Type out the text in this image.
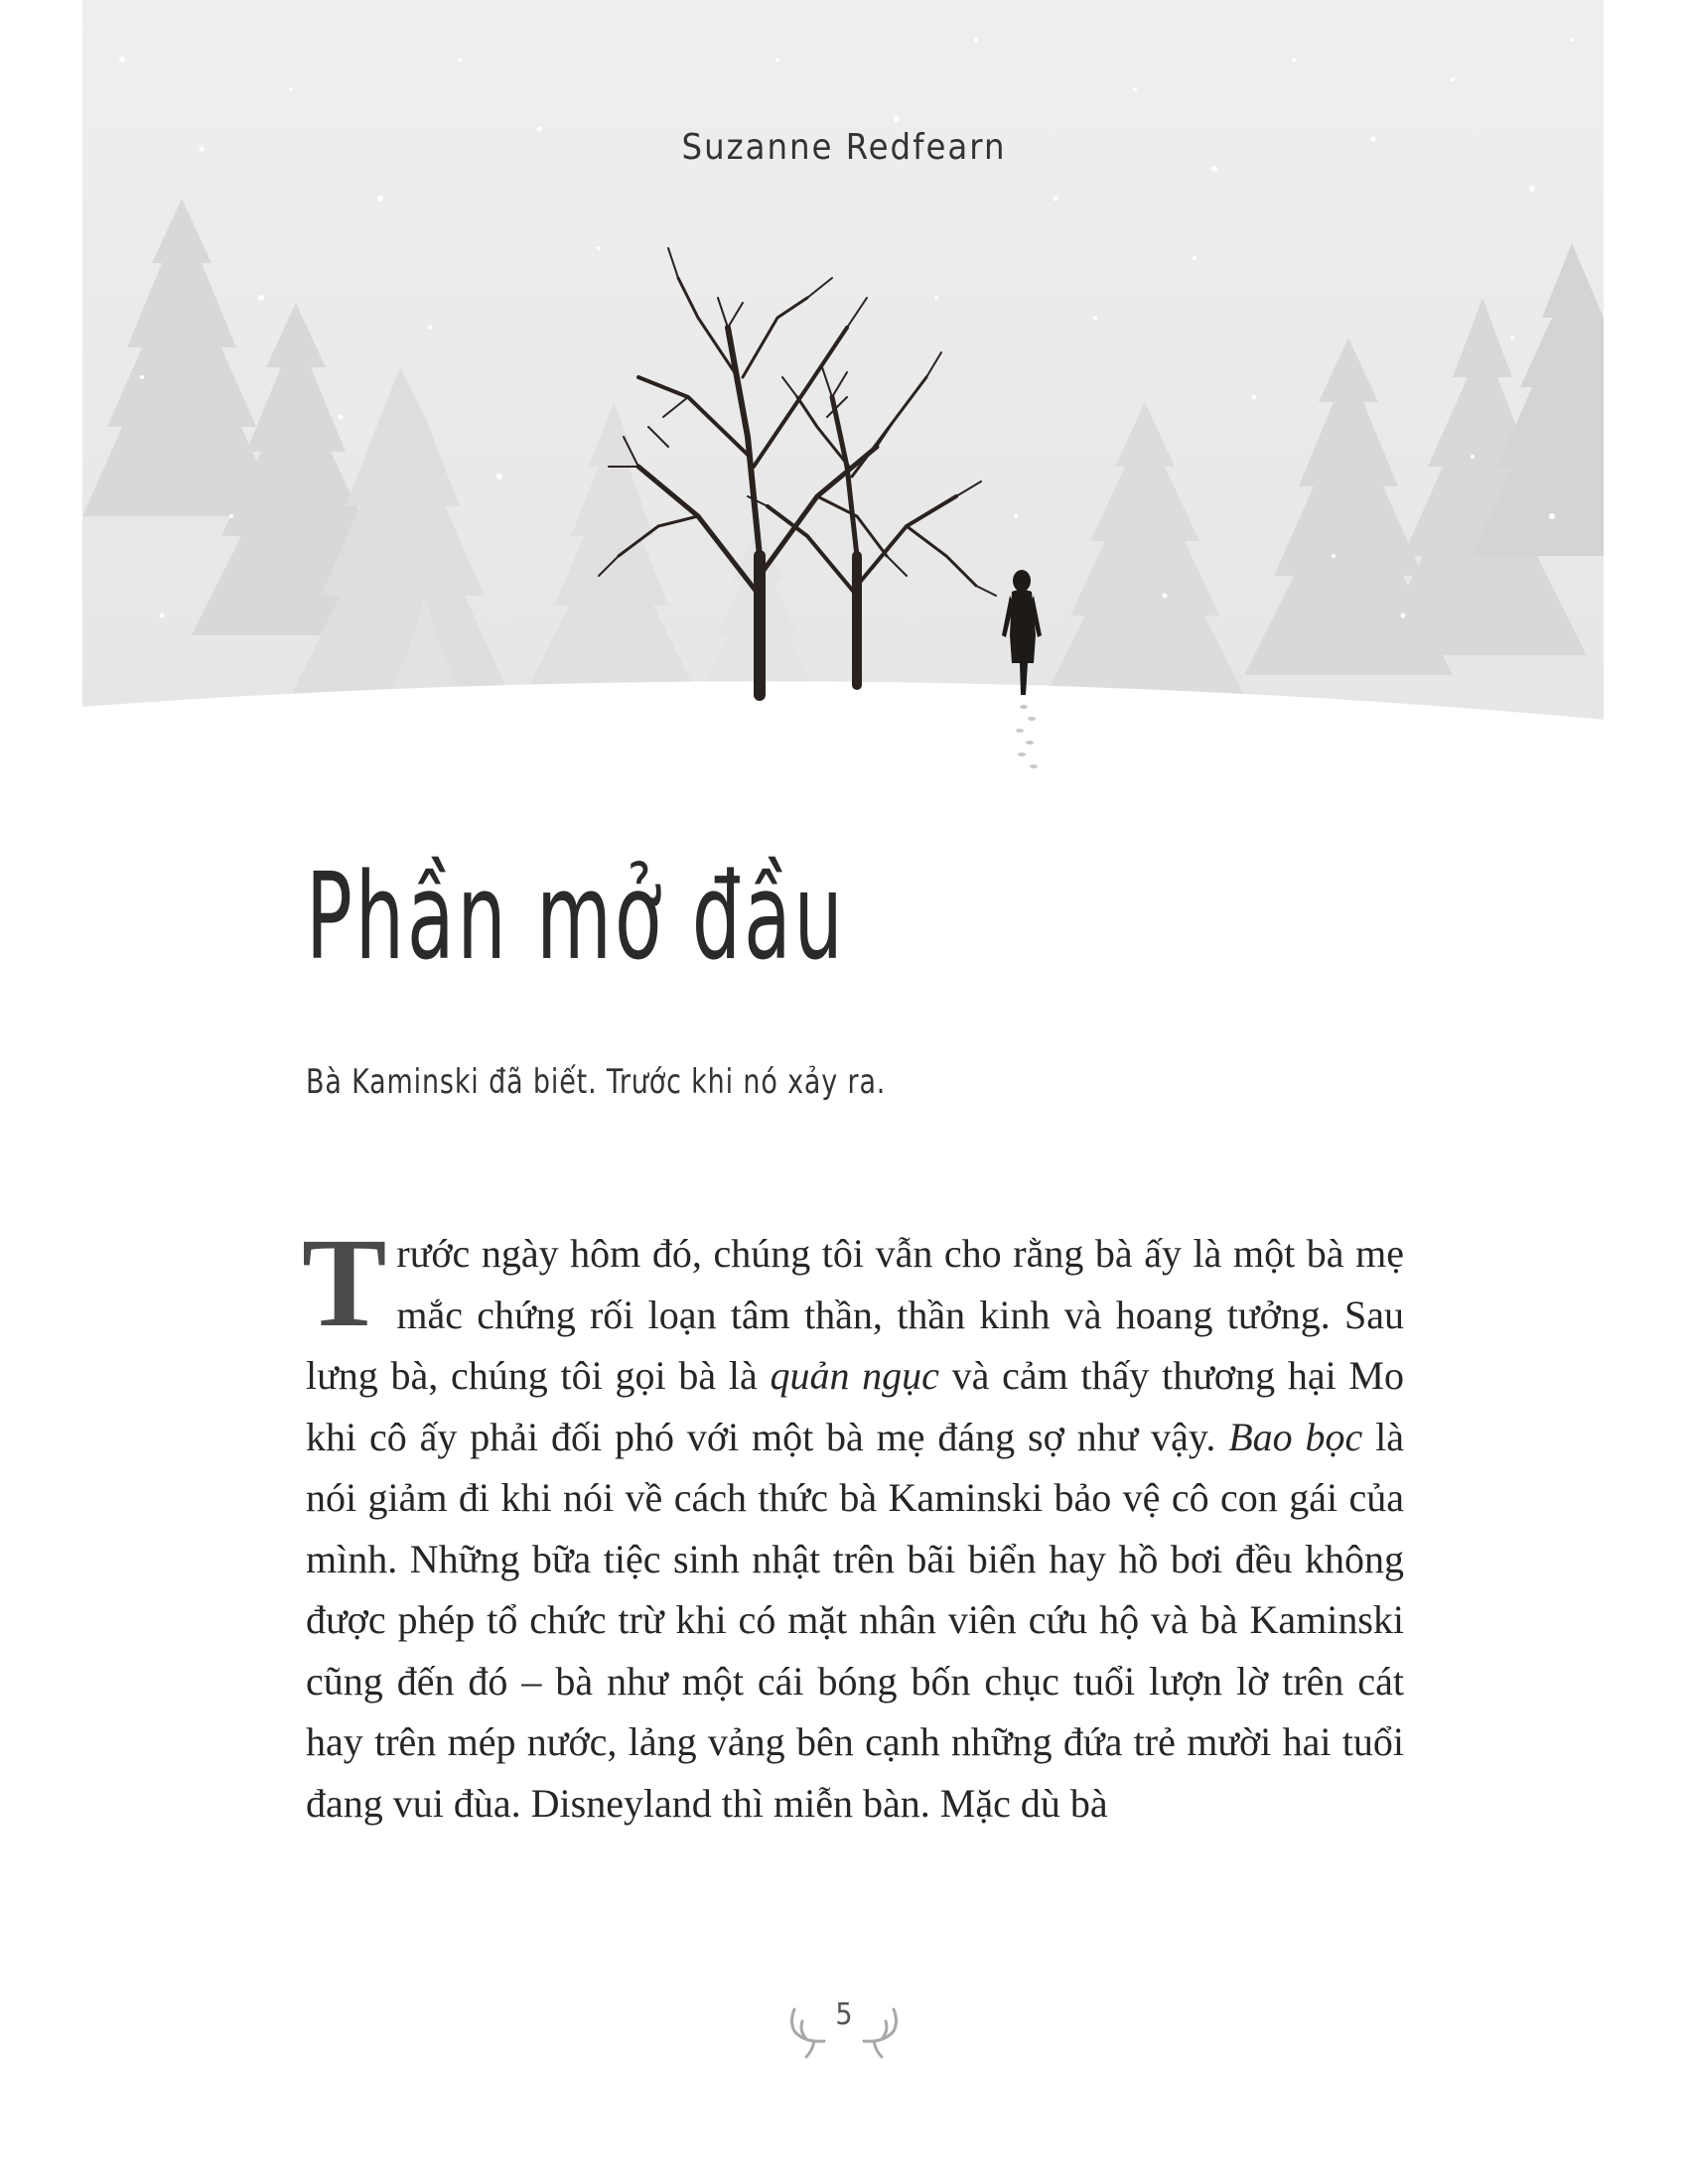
Suzanne Redfearn
Phần mở đầu
Bà Kaminski đã biết. Trước khi nó xảy ra.

Trước ngày hôm đó, chúng tôi vẫn cho rằng bà ấy là một bà mẹ mắc chứng rối loạn tâm thần, thần kinh và hoang tưởng. Sau lưng bà, chúng tôi gọi bà là quản ngục và cảm thấy thương hại Mo khi cô ấy phải đối phó với một bà mẹ đáng sợ như vậy. Bao bọc là nói giảm đi khi nói về cách thức bà Kaminski bảo vệ cô con gái của mình. Những bữa tiệc sinh nhật trên bãi biển hay hồ bơi đều không được phép tổ chức trừ khi có mặt nhân viên cứu hộ và bà Kaminski cũng đến đó – bà như một cái bóng bốn chục tuổi lượn lờ trên cát hay trên mép nước, lảng vảng bên cạnh những đứa trẻ mười hai tuổi đang vui đùa. Disneyland thì miễn bàn. Mặc dù bà

5
